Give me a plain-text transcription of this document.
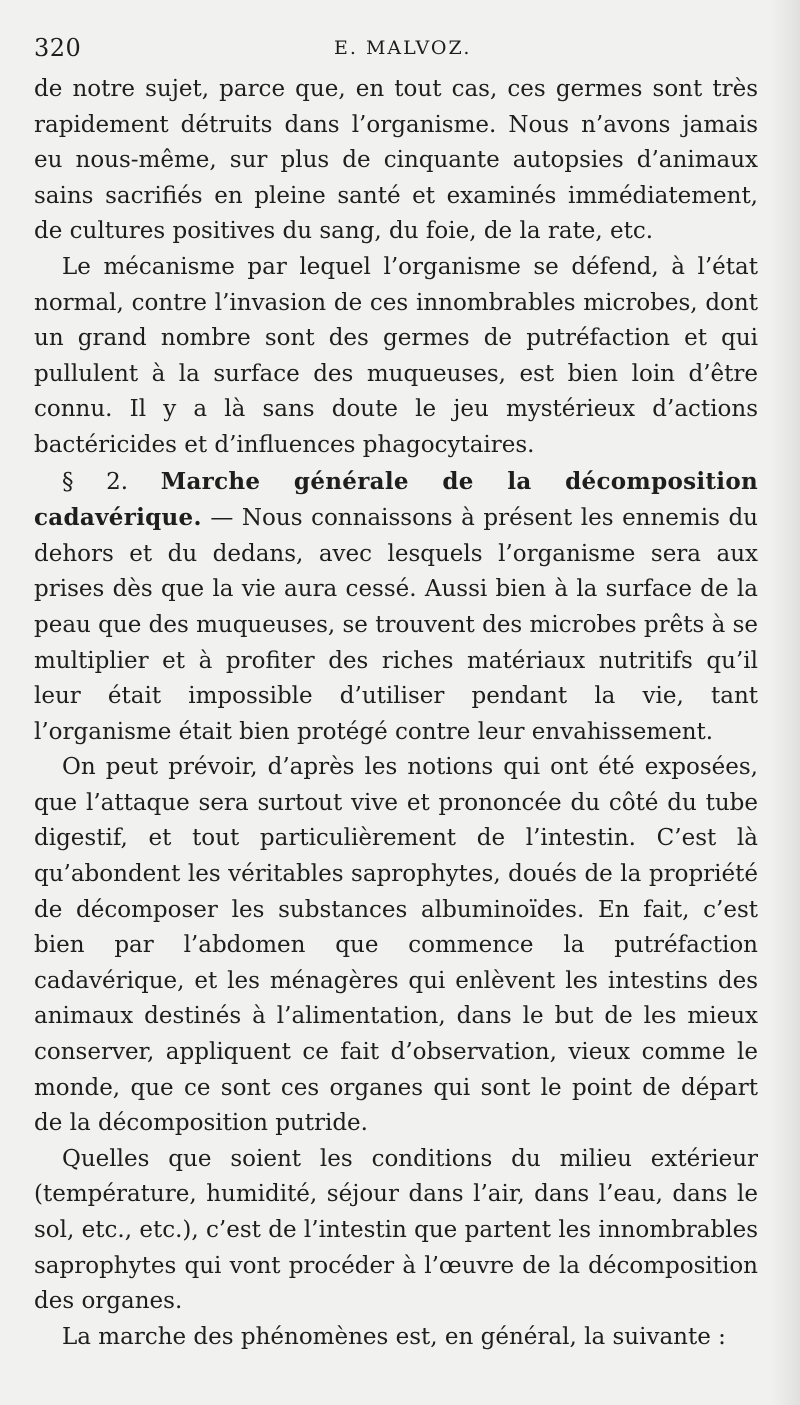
320	E. MALVOZ.

de notre sujet, parce que, en tout cas, ces germes sont très rapidement détruits dans l’organisme. Nous n’avons jamais eu nous-même, sur plus de cinquante autopsies d’animaux sains sacrifiés en pleine santé et examinés immédiatement, de cultures positives du sang, du foie, de la rate, etc.

Le mécanisme par lequel l’organisme se défend, à l’état normal, contre l’invasion de ces innombrables microbes, dont un grand nombre sont des germes de putréfaction et qui pullulent à la surface des muqueuses, est bien loin d’être connu. Il y a là sans doute le jeu mystérieux d’actions bactéricides et d’influences phagocytaires.

§ 2. Marche générale de la décomposition cadavérique. — Nous connaissons à présent les ennemis du dehors et du dedans, avec lesquels l’organisme sera aux prises dès que la vie aura cessé. Aussi bien à la surface de la peau que des muqueuses, se trouvent des microbes prêts à se multiplier et à profiter des riches matériaux nutritifs qu’il leur était impossible d’utiliser pendant la vie, tant l’organisme était bien protégé contre leur envahissement.

On peut prévoir, d’après les notions qui ont été exposées, que l’attaque sera surtout vive et prononcée du côté du tube digestif, et tout particulièrement de l’intestin. C’est là qu’abondent les véritables saprophytes, doués de la propriété de décomposer les substances albuminoïdes. En fait, c’est bien par l’abdomen que commence la putréfaction cadavérique, et les ménagères qui enlèvent les intestins des animaux destinés à l’alimentation, dans le but de les mieux conserver, appliquent ce fait d’observation, vieux comme le monde, que ce sont ces organes qui sont le point de départ de la décomposition putride.

Quelles que soient les conditions du milieu extérieur (température, humidité, séjour dans l’air, dans l’eau, dans le sol, etc., etc.), c’est de l’intestin que partent les innombrables saprophytes qui vont procéder à l’œuvre de la décomposition des organes.

La marche des phénomènes est, en général, la suivante :
